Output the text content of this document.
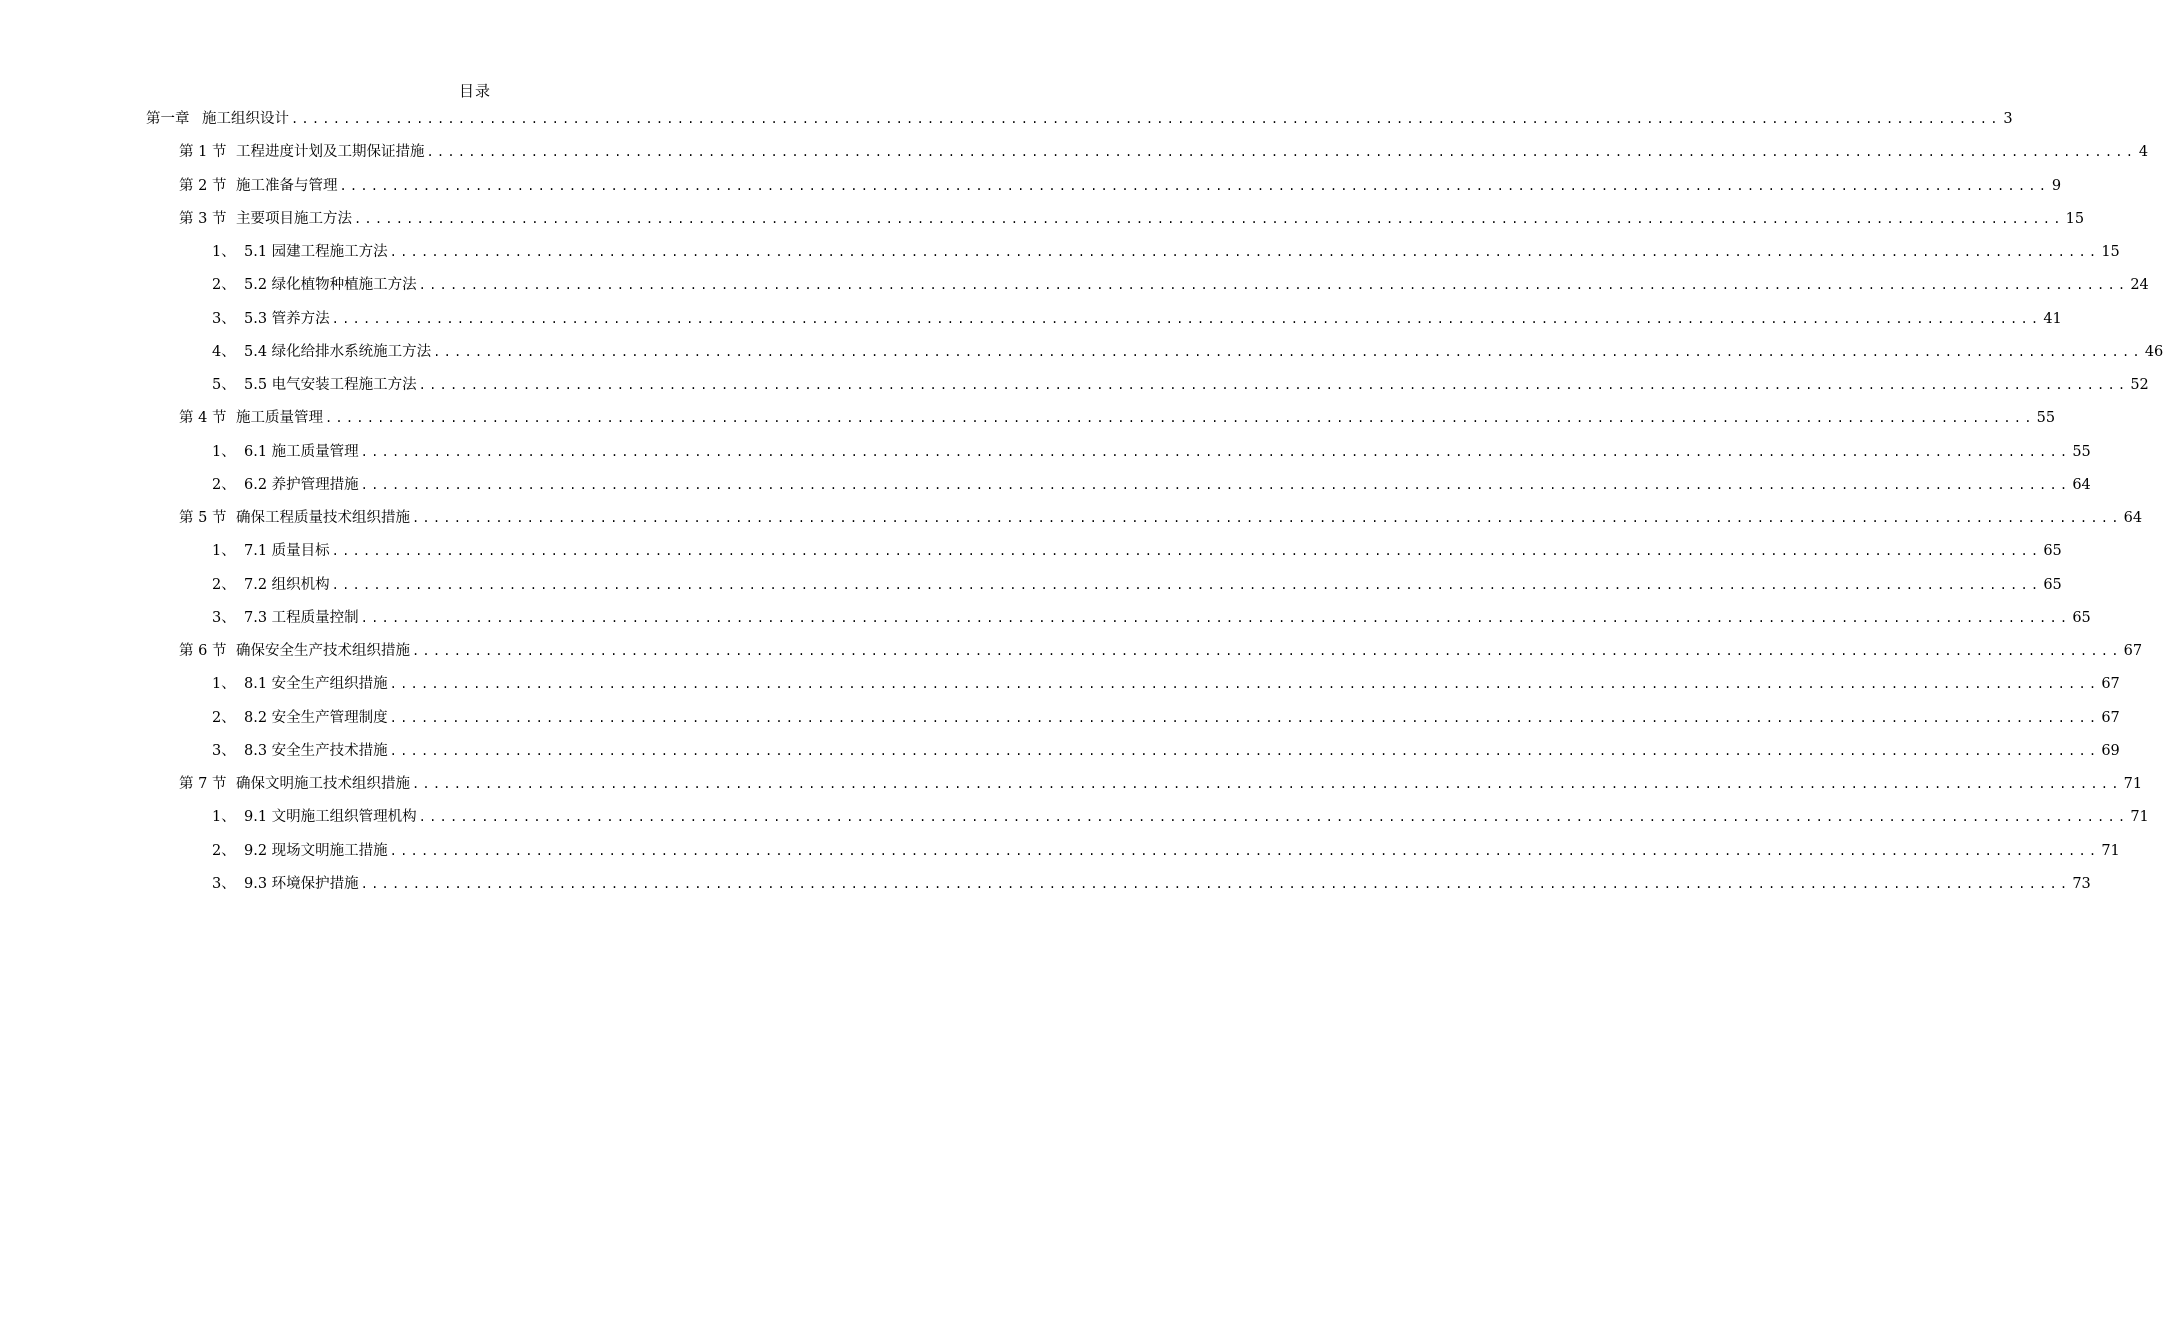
目录
第一章 施工组织设计 .................................................................................................................................................................... 3
第 1 节 工程进度计划及工期保证措施 .................................................................................................................................................................... 4
第 2 节 施工准备与管理 .................................................................................................................................................................... 9
第 3 节 主要项目施工方法 .................................................................................................................................................................... 15
1、 5.1 园建工程施工方法 .................................................................................................................................................................... 15
2、 5.2 绿化植物种植施工方法 .................................................................................................................................................................... 24
3、 5.3 管养方法 .................................................................................................................................................................... 41
4、 5.4 绿化给排水系统施工方法 .................................................................................................................................................................... 46
5、 5.5 电气安装工程施工方法 .................................................................................................................................................................... 52
第 4 节 施工质量管理 .................................................................................................................................................................... 55
1、 6.1 施工质量管理 .................................................................................................................................................................... 55
2、 6.2 养护管理措施 .................................................................................................................................................................... 64
第 5 节 确保工程质量技术组织措施 .................................................................................................................................................................... 64
1、 7.1 质量目标 .................................................................................................................................................................... 65
2、 7.2 组织机构 .................................................................................................................................................................... 65
3、 7.3 工程质量控制 .................................................................................................................................................................... 65
第 6 节 确保安全生产技术组织措施 .................................................................................................................................................................... 67
1、 8.1 安全生产组织措施 .................................................................................................................................................................... 67
2、 8.2 安全生产管理制度 .................................................................................................................................................................... 67
3、 8.3 安全生产技术措施 .................................................................................................................................................................... 69
第 7 节 确保文明施工技术组织措施 .................................................................................................................................................................... 71
1、 9.1 文明施工组织管理机构 .................................................................................................................................................................... 71
2、 9.2 现场文明施工措施 .................................................................................................................................................................... 71
3、 9.3 环境保护措施 .................................................................................................................................................................... 73
